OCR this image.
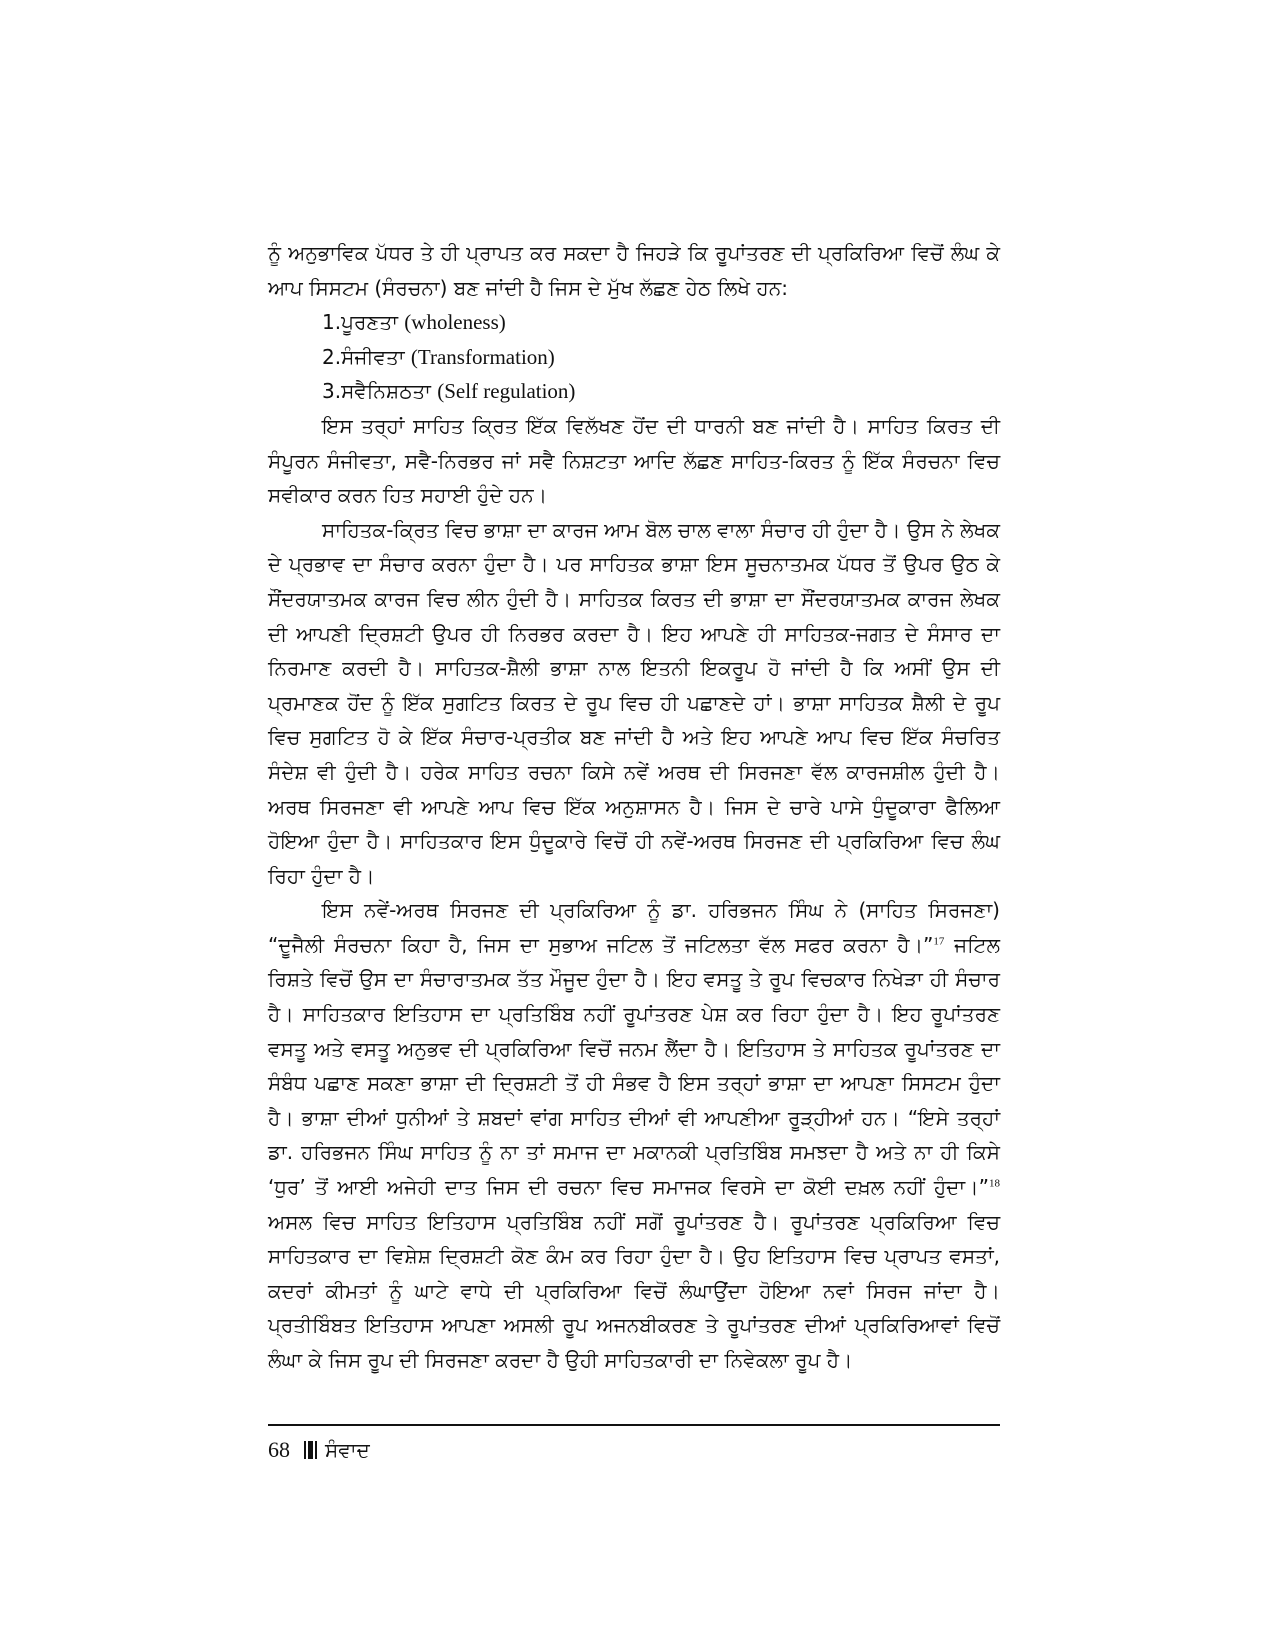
ਨੂੰ ਅਨੁਭਾਵਿਕ ਪੱਧਰ ਤੇ ਹੀ ਪ੍ਰਾਪਤ ਕਰ ਸਕਦਾ ਹੈ ਜਿਹੜੇ ਕਿ ਰੂਪਾਂਤਰਣ ਦੀ ਪ੍ਰਕਿਰਿਆ ਵਿਚੋਂ ਲੰਘ ਕੇ ਆਪ ਸਿਸਟਮ (ਸੰਰਚਨਾ) ਬਣ ਜਾਂਦੀ ਹੈ ਜਿਸ ਦੇ ਮੁੱਖ ਲੱਛਣ ਹੇਠ ਲਿਖੇ ਹਨ:

1.ਪੂਰਣਤਾ (wholeness)
2.ਸੰਜੀਵਤਾ (Transformation)
3.ਸਵੈਨਿਸ਼ਠਤਾ (Self regulation)

ਇਸ ਤਰ੍ਹਾਂ ਸਾਹਿਤ ਕ੍ਰਿਤ ਇੱਕ ਵਿਲੱਖਣ ਹੋਂਦ ਦੀ ਧਾਰਨੀ ਬਣ ਜਾਂਦੀ ਹੈ। ਸਾਹਿਤ ਕਿਰਤ ਦੀ ਸੰਪੂਰਨ ਸੰਜੀਵਤਾ, ਸਵੈ-ਨਿਰਭਰ ਜਾਂ ਸਵੈ ਨਿਸ਼ਟਤਾ ਆਦਿ ਲੱਛਣ ਸਾਹਿਤ-ਕਿਰਤ ਨੂੰ ਇੱਕ ਸੰਰਚਨਾ ਵਿਚ ਸਵੀਕਾਰ ਕਰਨ ਹਿਤ ਸਹਾਈ ਹੁੰਦੇ ਹਨ।

ਸਾਹਿਤਕ-ਕ੍ਰਿਤ ਵਿਚ ਭਾਸ਼ਾ ਦਾ ਕਾਰਜ ਆਮ ਬੋਲ ਚਾਲ ਵਾਲਾ ਸੰਚਾਰ ਹੀ ਹੁੰਦਾ ਹੈ। ਉਸ ਨੇ ਲੇਖਕ ਦੇ ਪ੍ਰਭਾਵ ਦਾ ਸੰਚਾਰ ਕਰਨਾ ਹੁੰਦਾ ਹੈ। ਪਰ ਸਾਹਿਤਕ ਭਾਸ਼ਾ ਇਸ ਸੂਚਨਾਤਮਕ ਪੱਧਰ ਤੋਂ ਉਪਰ ਉਠ ਕੇ ਸੌਂਦਰਯਾਤਮਕ ਕਾਰਜ ਵਿਚ ਲੀਨ ਹੁੰਦੀ ਹੈ। ਸਾਹਿਤਕ ਕਿਰਤ ਦੀ ਭਾਸ਼ਾ ਦਾ ਸੌਂਦਰਯਾਤਮਕ ਕਾਰਜ ਲੇਖਕ ਦੀ ਆਪਣੀ ਦ੍ਰਿਸ਼ਟੀ ਉਪਰ ਹੀ ਨਿਰਭਰ ਕਰਦਾ ਹੈ। ਇਹ ਆਪਣੇ ਹੀ ਸਾਹਿਤਕ-ਜਗਤ ਦੇ ਸੰਸਾਰ ਦਾ ਨਿਰਮਾਣ ਕਰਦੀ ਹੈ। ਸਾਹਿਤਕ-ਸ਼ੈਲੀ ਭਾਸ਼ਾ ਨਾਲ ਇਤਨੀ ਇਕਰੂਪ ਹੋ ਜਾਂਦੀ ਹੈ ਕਿ ਅਸੀਂ ਉਸ ਦੀ ਪ੍ਰਮਾਣਕ ਹੋਂਦ ਨੂੰ ਇੱਕ ਸੁਗਟਿਤ ਕਿਰਤ ਦੇ ਰੂਪ ਵਿਚ ਹੀ ਪਛਾਣਦੇ ਹਾਂ। ਭਾਸ਼ਾ ਸਾਹਿਤਕ ਸ਼ੈਲੀ ਦੇ ਰੂਪ ਵਿਚ ਸੁਗਟਿਤ ਹੋ ਕੇ ਇੱਕ ਸੰਚਾਰ-ਪ੍ਰਤੀਕ ਬਣ ਜਾਂਦੀ ਹੈ ਅਤੇ ਇਹ ਆਪਣੇ ਆਪ ਵਿਚ ਇੱਕ ਸੰਚਰਿਤ ਸੰਦੇਸ਼ ਵੀ ਹੁੰਦੀ ਹੈ। ਹਰੇਕ ਸਾਹਿਤ ਰਚਨਾ ਕਿਸੇ ਨਵੇਂ ਅਰਥ ਦੀ ਸਿਰਜਣਾ ਵੱਲ ਕਾਰਜਸ਼ੀਲ ਹੁੰਦੀ ਹੈ। ਅਰਥ ਸਿਰਜਣਾ ਵੀ ਆਪਣੇ ਆਪ ਵਿਚ ਇੱਕ ਅਨੁਸ਼ਾਸਨ ਹੈ। ਜਿਸ ਦੇ ਚਾਰੇ ਪਾਸੇ ਧੁੰਦੂਕਾਰਾ ਫੈਲਿਆ ਹੋਇਆ ਹੁੰਦਾ ਹੈ। ਸਾਹਿਤਕਾਰ ਇਸ ਧੁੰਦੂਕਾਰੇ ਵਿਚੋਂ ਹੀ ਨਵੇਂ-ਅਰਥ ਸਿਰਜਣ ਦੀ ਪ੍ਰਕਿਰਿਆ ਵਿਚ ਲੰਘ ਰਿਹਾ ਹੁੰਦਾ ਹੈ।

ਇਸ ਨਵੇਂ-ਅਰਥ ਸਿਰਜਣ ਦੀ ਪ੍ਰਕਿਰਿਆ ਨੂੰ ਡਾ. ਹਰਿਭਜਨ ਸਿੰਘ ਨੇ (ਸਾਹਿਤ ਸਿਰਜਣਾ) “ਦੂਜੈਲੀ ਸੰਰਚਨਾ ਕਿਹਾ ਹੈ, ਜਿਸ ਦਾ ਸੁਭਾਅ ਜਟਿਲ ਤੋਂ ਜਟਿਲਤਾ ਵੱਲ ਸਫਰ ਕਰਨਾ ਹੈ।”$^{17}$ ਜਟਿਲ ਰਿਸ਼ਤੇ ਵਿਚੋਂ ਉਸ ਦਾ ਸੰਚਾਰਾਤਮਕ ਤੱਤ ਮੌਜੂਦ ਹੁੰਦਾ ਹੈ। ਇਹ ਵਸਤੂ ਤੇ ਰੂਪ ਵਿਚਕਾਰ ਨਿਖੇੜਾ ਹੀ ਸੰਚਾਰ ਹੈ। ਸਾਹਿਤਕਾਰ ਇਤਿਹਾਸ ਦਾ ਪ੍ਰਤਿਬਿੰਬ ਨਹੀਂ ਰੂਪਾਂਤਰਣ ਪੇਸ਼ ਕਰ ਰਿਹਾ ਹੁੰਦਾ ਹੈ। ਇਹ ਰੂਪਾਂਤਰਣ ਵਸਤੂ ਅਤੇ ਵਸਤੂ ਅਨੁਭਵ ਦੀ ਪ੍ਰਕਿਰਿਆ ਵਿਚੋਂ ਜਨਮ ਲੈਂਦਾ ਹੈ। ਇਤਿਹਾਸ ਤੇ ਸਾਹਿਤਕ ਰੂਪਾਂਤਰਣ ਦਾ ਸੰਬੰਧ ਪਛਾਣ ਸਕਣਾ ਭਾਸ਼ਾ ਦੀ ਦ੍ਰਿਸ਼ਟੀ ਤੋਂ ਹੀ ਸੰਭਵ ਹੈ ਇਸ ਤਰ੍ਹਾਂ ਭਾਸ਼ਾ ਦਾ ਆਪਣਾ ਸਿਸਟਮ ਹੁੰਦਾ ਹੈ। ਭਾਸ਼ਾ ਦੀਆਂ ਧੁਨੀਆਂ ਤੇ ਸ਼ਬਦਾਂ ਵਾਂਗ ਸਾਹਿਤ ਦੀਆਂ ਵੀ ਆਪਣੀਆ ਰੂੜ੍ਹੀਆਂ ਹਨ। “ਇਸੇ ਤਰ੍ਹਾਂ ਡਾ. ਹਰਿਭਜਨ ਸਿੰਘ ਸਾਹਿਤ ਨੂੰ ਨਾ ਤਾਂ ਸਮਾਜ ਦਾ ਮਕਾਨਕੀ ਪ੍ਰਤਿਬਿੰਬ ਸਮਝਦਾ ਹੈ ਅਤੇ ਨਾ ਹੀ ਕਿਸੇ ‘ਧੁਰ’ ਤੋਂ ਆਈ ਅਜੇਹੀ ਦਾਤ ਜਿਸ ਦੀ ਰਚਨਾ ਵਿਚ ਸਮਾਜਕ ਵਿਰਸੇ ਦਾ ਕੋਈ ਦਖ਼ਲ ਨਹੀਂ ਹੁੰਦਾ।”$^{18}$ ਅਸਲ ਵਿਚ ਸਾਹਿਤ ਇਤਿਹਾਸ ਪ੍ਰਤਿਬਿੰਬ ਨਹੀਂ ਸਗੋਂ ਰੂਪਾਂਤਰਣ ਹੈ। ਰੂਪਾਂਤਰਣ ਪ੍ਰਕਿਰਿਆ ਵਿਚ ਸਾਹਿਤਕਾਰ ਦਾ ਵਿਸ਼ੇਸ਼ ਦ੍ਰਿਸ਼ਟੀ ਕੋਣ ਕੰਮ ਕਰ ਰਿਹਾ ਹੁੰਦਾ ਹੈ। ਉਹ ਇਤਿਹਾਸ ਵਿਚ ਪ੍ਰਾਪਤ ਵਸਤਾਂ, ਕਦਰਾਂ ਕੀਮਤਾਂ ਨੂੰ ਘਾਟੇ ਵਾਧੇ ਦੀ ਪ੍ਰਕਿਰਿਆ ਵਿਚੋਂ ਲੰਘਾਉਂਦਾ ਹੋਇਆ ਨਵਾਂ ਸਿਰਜ ਜਾਂਦਾ ਹੈ। ਪ੍ਰਤੀਬਿੰਬਤ ਇਤਿਹਾਸ ਆਪਣਾ ਅਸਲੀ ਰੂਪ ਅਜਨਬੀਕਰਣ ਤੇ ਰੂਪਾਂਤਰਣ ਦੀਆਂ ਪ੍ਰਕਿਰਿਆਵਾਂ ਵਿਚੋਂ ਲੰਘਾ ਕੇ ਜਿਸ ਰੂਪ ਦੀ ਸਿਰਜਣਾ ਕਰਦਾ ਹੈ ਉਹੀ ਸਾਹਿਤਕਾਰੀ ਦਾ ਨਿਵੇਕਲਾ ਰੂਪ ਹੈ।

68 ਸੰਵਾਦ
